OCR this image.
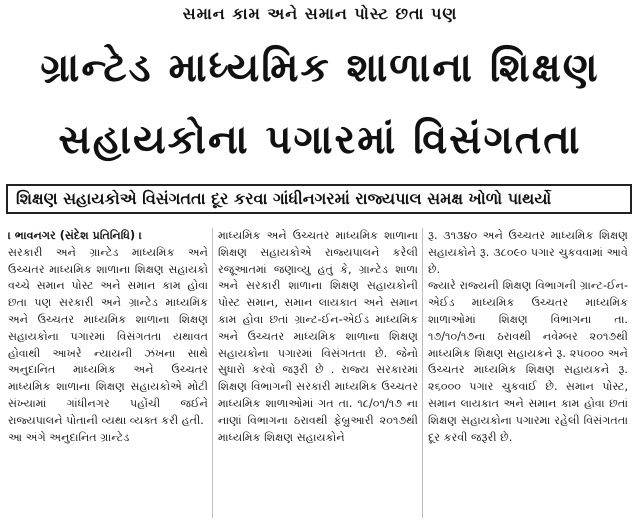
સમાન કામ અને સમાન પોસ્ટ છતા પણ
ગ્રાન્ટેડ માધ્યમિક શાળાના શિક્ષણ
સહાયકોના પગારમાં વિસંગતતા
શિક્ષણ સહાયકોએ વિસંગતતા દૂર કરવા ગાંધીનગરમાં રાજ્યપાલ સમક્ષ ખોળો પાથર્યો

। ભાવનગર (સંદેશ પ્રતિનિધિ) ।

સરકારી અને ગ્રાન્ટેડ માધ્યમિક અને ઉચ્ચતર માધ્યમિક શાળાના શિક્ષણ સહાયકો વચ્ચે સમાન પોસ્ટ અને સમાન કામ હોવા છતા પણ સરકારી અને ગ્રાન્ટેડ માધ્યમિક અને ઉચ્ચતર માધ્યમિક શાળાના શિક્ષણ સહાયકોના પગારમાં વિસંગતતા યથાવત હોવાથી આખરે ન્યાયની ઝંખના સાથે અનુદાનિત માધ્યમિક અને ઉચ્ચતર માધ્યમિક શાળાના શિક્ષણ સહાયકોએ મોટી સંખ્યામાં ગાંધીનગર પહોંચી જઈને રાજ્યપાલને પોતાની વ્યથા વ્યક્ત કરી હતી.

આ અંગે અનુદાનિત ગ્રાન્ટેડ

માધ્યમિક અને ઉચ્ચતર માધ્યમિક શાળાના શિક્ષણ સહાયકોએ રાજ્યપાલને કરેલી રજૂઆતમાં જણાવ્યુ હતું કે, ગ્રાન્ટેડ શાળા અને સરકારી શાળાના શિક્ષણ સહાયકોની પોસ્ટ સમાન, સમાન લાયકાત અને સમાન કામ હોવા છતાં ગ્રાન્ટ-ઈન-એઈડ માધ્યમિક અને ઉચ્ચતર માધ્યમિક શાળાના શિક્ષણ સહાયકોના પગારમાં વિસંગતતા છે. જેનો સુધારો કરવો જરૂરી છે . રાજ્ય સરકારમાં શિક્ષણ વિભાગની સરકારી માધ્યમિક ઉચ્ચતર માધ્યમિક શાળાઓમાં ગત તા. ૧૮/૦૧/૧૭ ના નાણાં વિભાગના ઠરાવથી ફેબ્રુઆરી ૨૦૧૭થી માધ્યમિક શિક્ષણ સહાયકોને

રૂ. ૩૧૩૪૦ અને ઉચ્ચતર માધ્યમિક શિક્ષણ સહાયકોને રૂ. ૩૮૦૯૦ પગાર ચુકવવામાં આવે છે.

જ્યારે રાજ્યની શિક્ષણ વિભાગની ગ્રાન્ટ-ઈન-એઈડ માધ્યમિક ઉચ્ચતર માધ્યમિક શાળાઓમાં શિક્ષણ વિભાગના તા. ૧૭/૧૦/૧૭ના ઠરાવથી નવેમ્બર ૨૦૧૭થી માધ્યમિક શિક્ષણ સહાયકને રૂ. ૨૫૦૦૦ અને ઉચ્ચતર માધ્યમિક શિક્ષણ સહાયકને રૂ. ૨૬૦૦૦ પગાર ચુકવાઈ છે. સમાન પોસ્ટ, સમાન લાયકાત અને સમાન કામ હોવા છતાં શિક્ષણ સહાયકોના પગારમા રહેલી વિસંગતતા દૂર કરવી જરૂરી છે.
